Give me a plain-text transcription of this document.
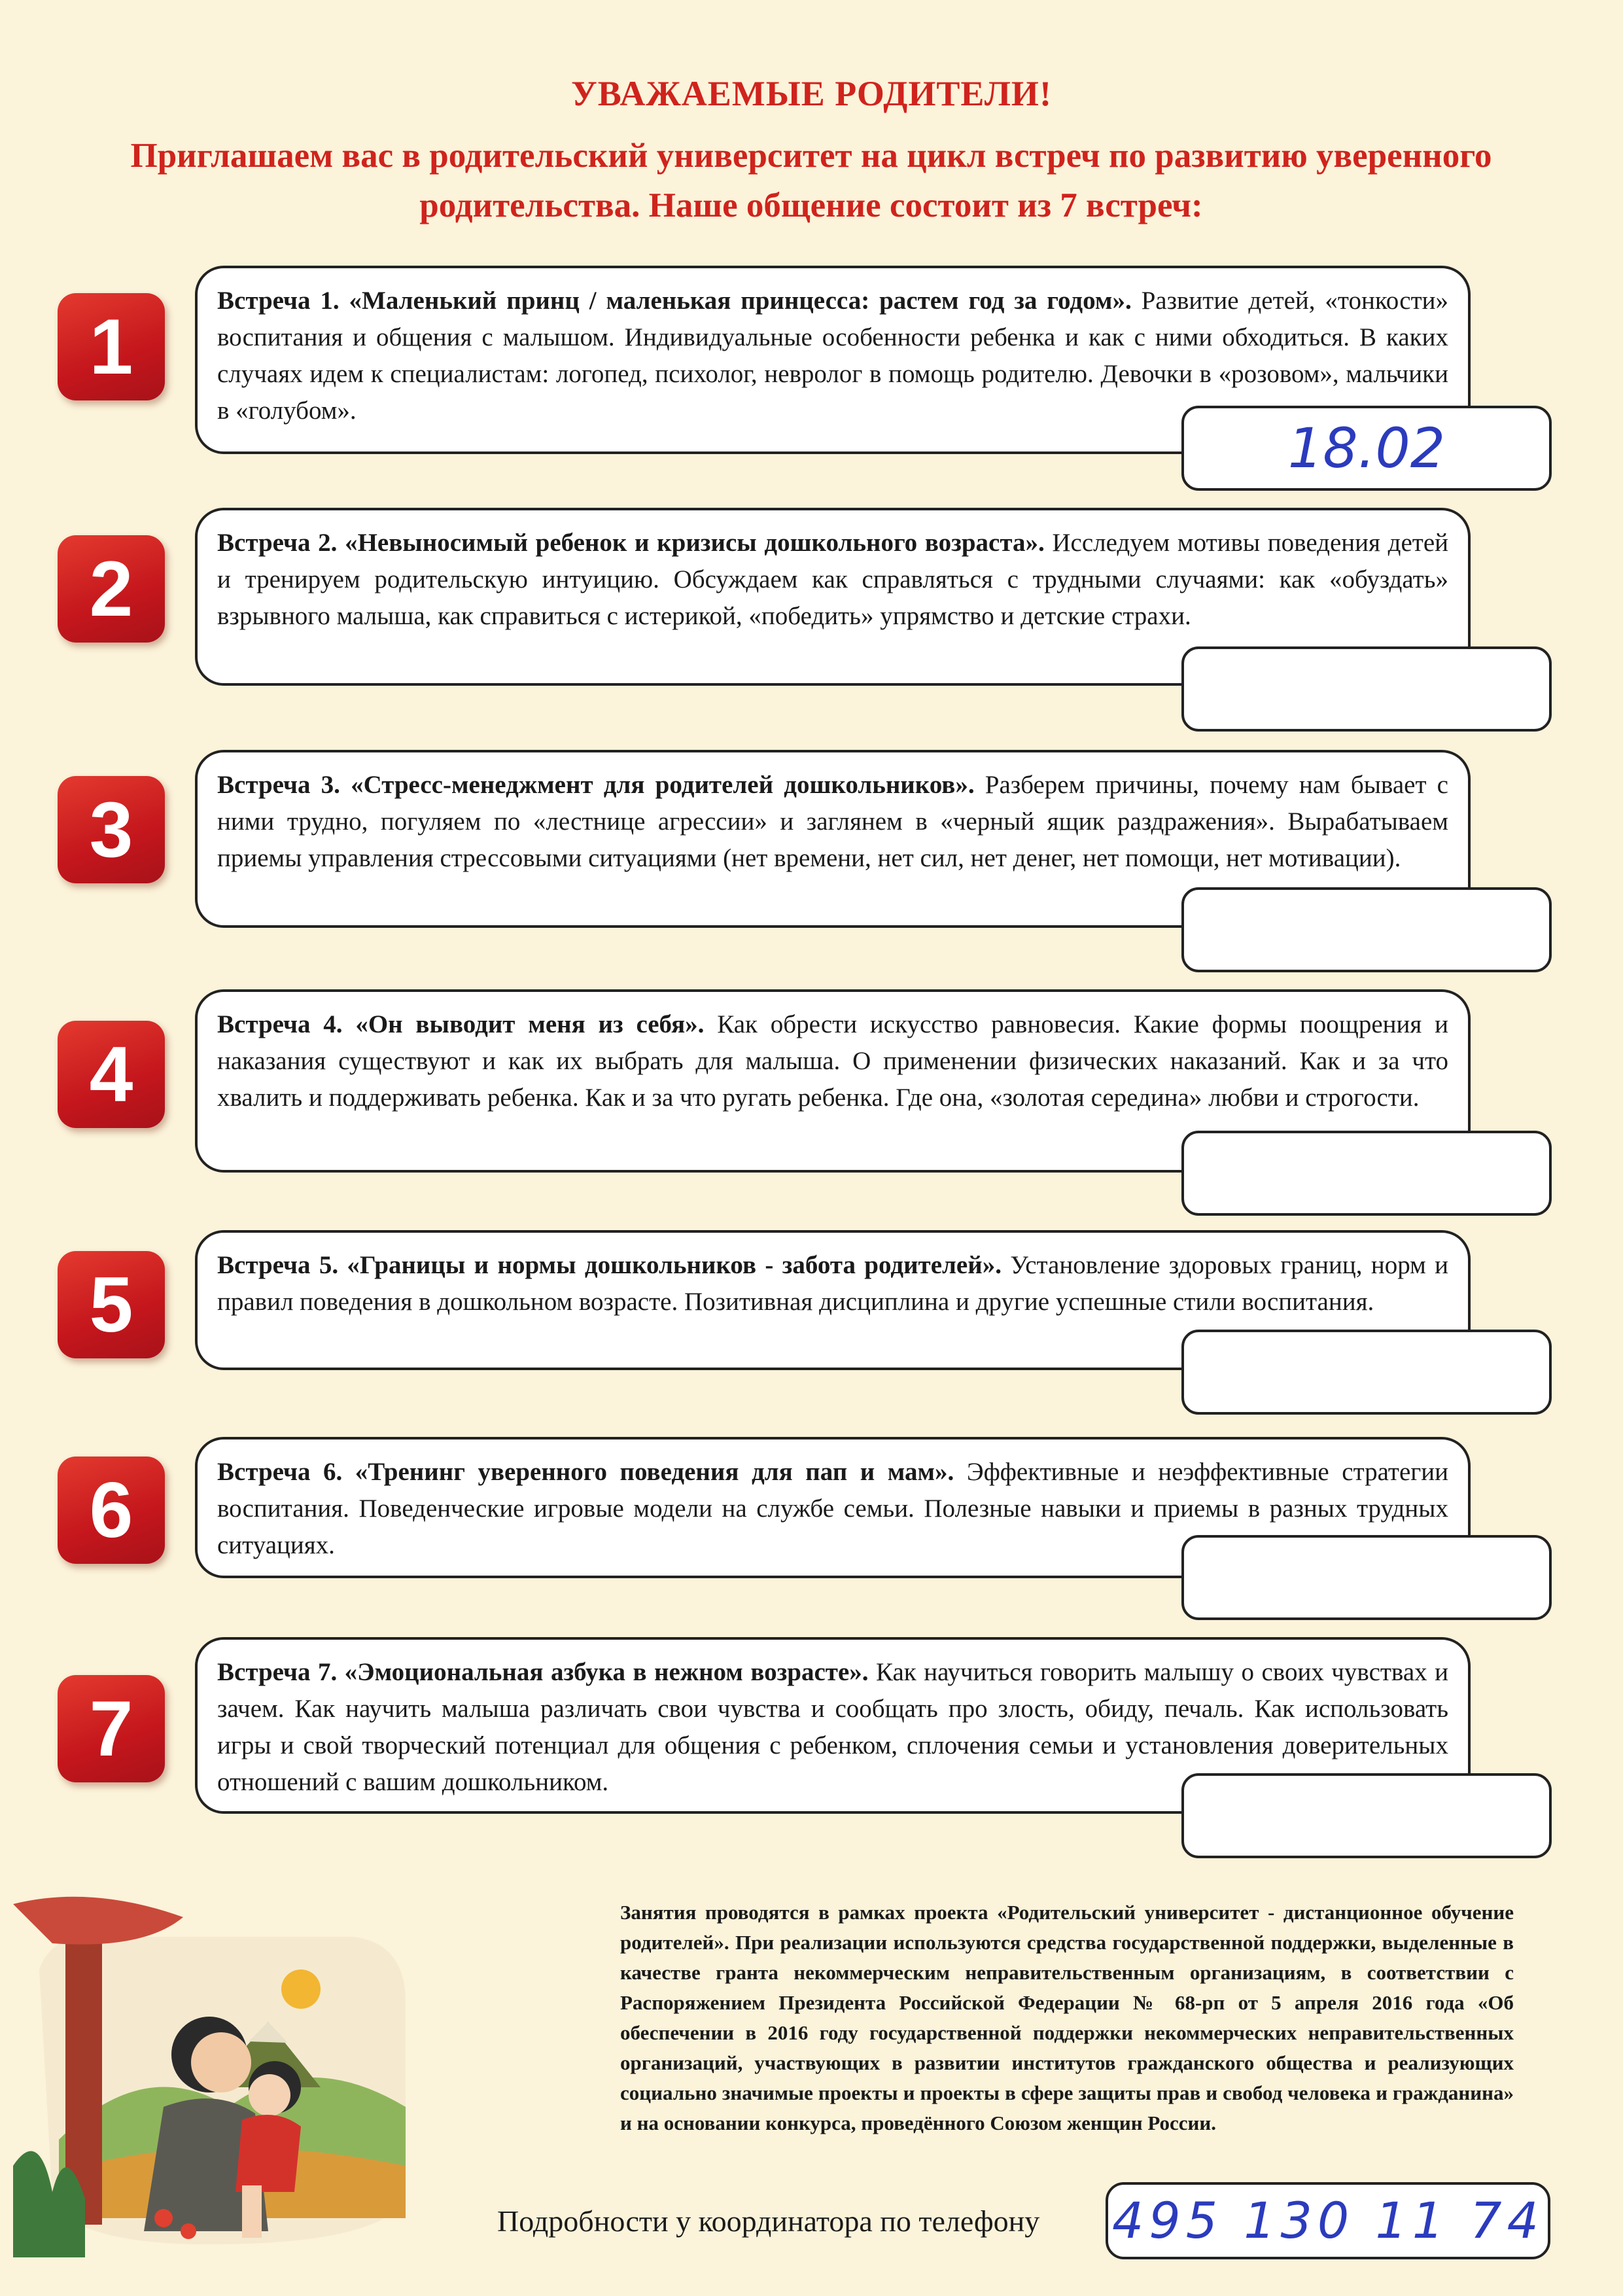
УВАЖАЕМЫЕ РОДИТЕЛИ!
Приглашаем вас в родительский университет на цикл встреч по развитию уверенного родительства. Наше общение состоит из 7 встреч:
1
Встреча 1. «Маленький принц / маленькая принцесса: растем год за годом». Развитие детей, «тонкости» воспитания и общения с малышом. Индивидуальные особенности ребенка и как с ними обходиться. В каких случаях идем к специалистам: логопед, психолог, невролог в помощь родителю. Девочки в «розовом», мальчики в «голубом».
18.02
2
Встреча 2. «Невыносимый ребенок и кризисы дошкольного возраста». Исследуем мотивы поведения детей и тренируем родительскую интуицию. Обсуждаем как справляться с трудными случаями: как «обуздать» взрывного малыша, как справиться с истерикой, «победить» упрямство и детские страхи.
3
Встреча 3. «Стресс-менеджмент для родителей дошкольников». Разберем причины, почему нам бывает с ними трудно, погуляем по «лестнице агрессии» и заглянем в «черный ящик раздражения». Вырабатываем приемы управления стрессовыми ситуациями (нет времени, нет сил, нет денег, нет помощи, нет мотивации).
4
Встреча 4. «Он выводит меня из себя». Как обрести искусство равновесия. Какие формы поощрения и наказания существуют и как их выбрать для малыша. О применении физических наказаний. Как и за что хвалить и поддерживать ребенка. Как и за что ругать ребенка. Где она, «золотая середина» любви и строгости.
5	Встреча 5. «Границы и нормы дошкольников - забота родителей». Установление здоровых границ, норм и правил поведения в дошкольном возрасте. Позитивная дисциплина и другие успешные стили воспитания.
6	Встреча 6. «Тренинг уверенного поведения для пап и мам». Эффективные и неэффективные стратегии воспитания. Поведенческие игровые модели на службе семьи. Полезные навыки и приемы в разных трудных ситуациях.
7
Встреча 7. «Эмоциональная азбука в нежном возрасте». Как научиться говорить малышу о своих чувствах и зачем. Как научить малыша различать свои чувства и сообщать про злость, обиду, печаль. Как использовать игры и свой творческий потенциал для общения с ребенком, сплочения семьи и установления доверительных отношений с вашим дошкольником.
Занятия проводятся в рамках проекта «Родительский университет - дистанционное обучение родителей». При реализации используются средства государственной поддержки, выделенные в качестве гранта некоммерческим неправительственным организациям, в соответствии с Распоряжением Президента Российской Федерации № 68-рп от 5 апреля 2016 года «Об обеспечении в 2016 году государственной поддержки некоммерческих неправительственных организаций, участвующих в развитии институтов гражданского общества и реализующих социально значимые проекты и проекты в сфере защиты прав и свобод человека и гражданина» и на основании конкурса, проведённого Союзом женщин России.
Подробности у координатора по телефону 495 130 11 74
